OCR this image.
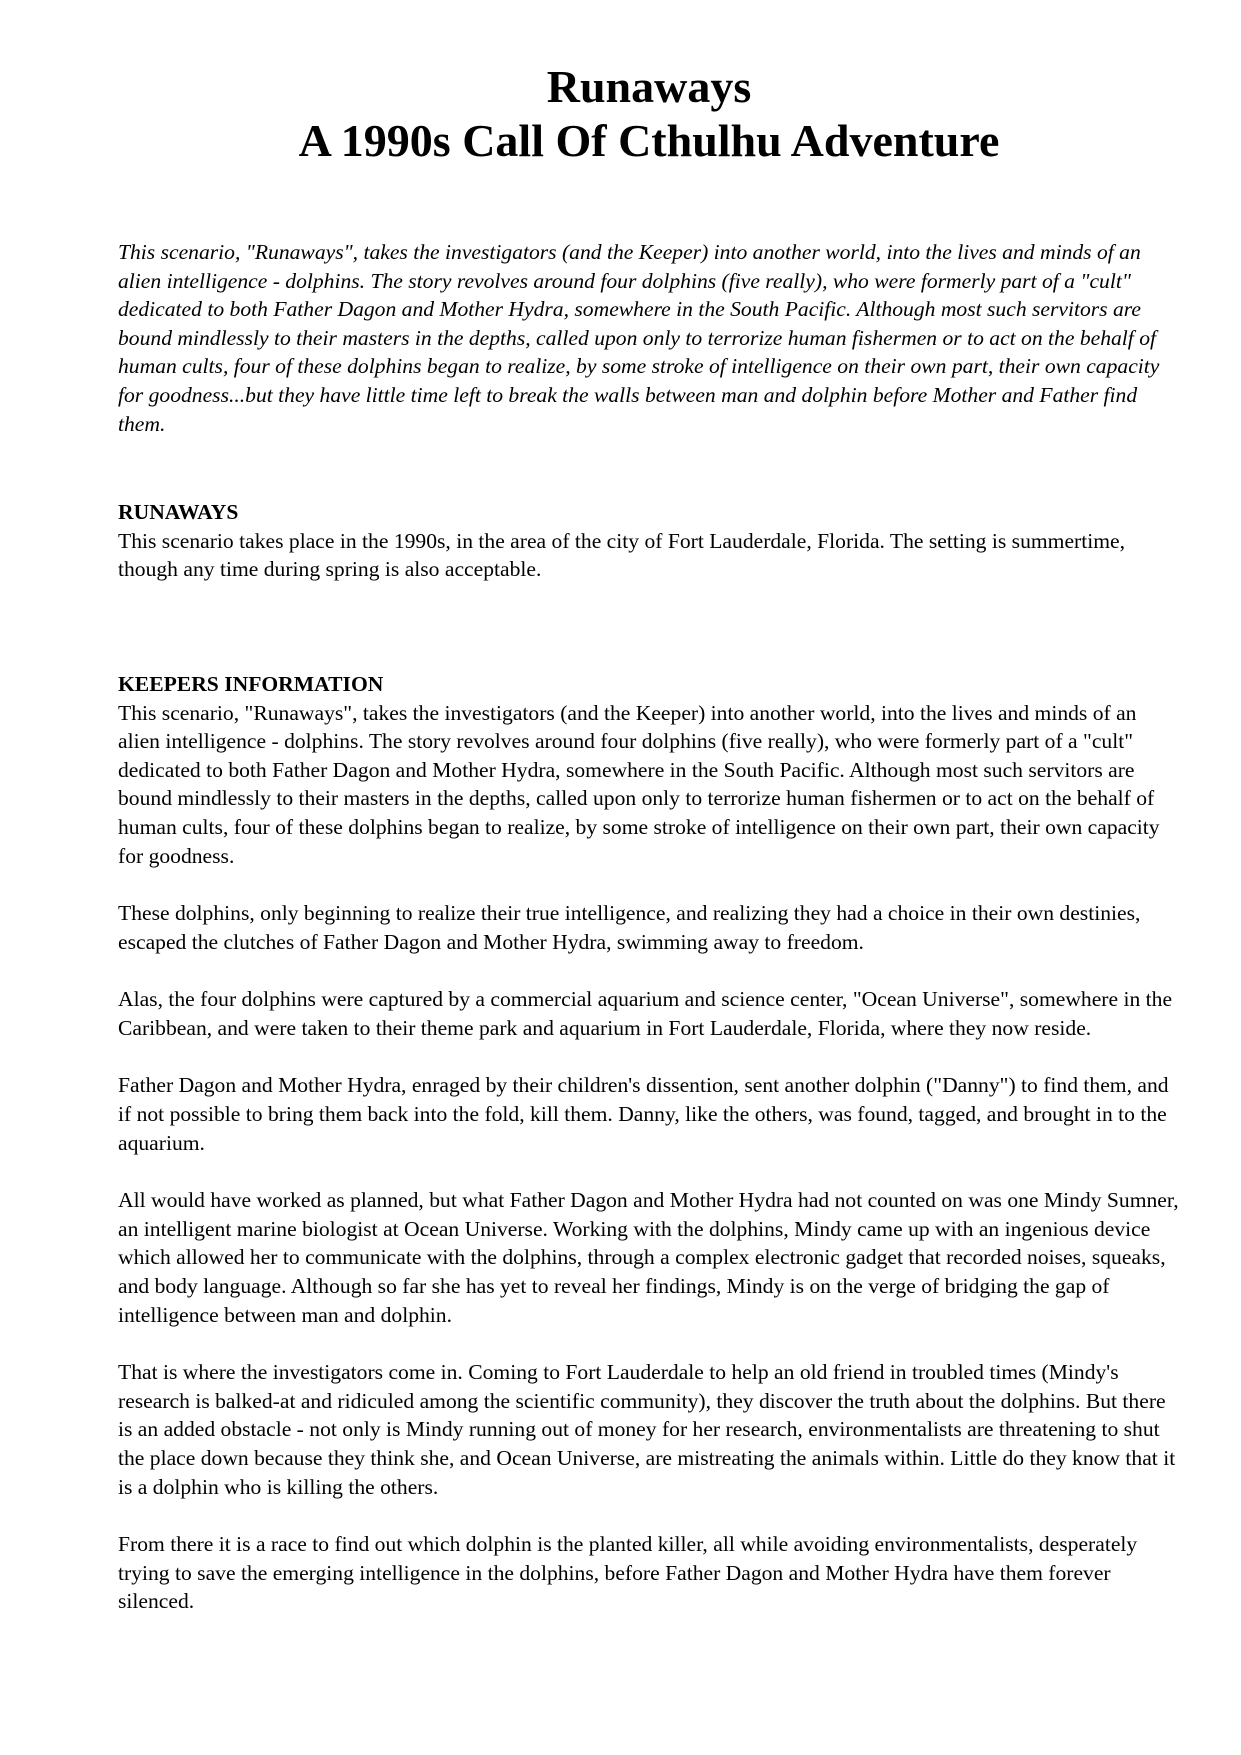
Runaways
A 1990s Call Of Cthulhu Adventure

This scenario, "Runaways", takes the investigators (and the Keeper) into another world, into the lives and minds of an alien intelligence - dolphins. The story revolves around four dolphins (five really), who were formerly part of a "cult" dedicated to both Father Dagon and Mother Hydra, somewhere in the South Pacific. Although most such servitors are bound mindlessly to their masters in the depths, called upon only to terrorize human fishermen or to act on the behalf of human cults, four of these dolphins began to realize, by some stroke of intelligence on their own part, their own capacity for goodness...but they have little time left to break the walls between man and dolphin before Mother and Father find them.

RUNAWAYS

This scenario takes place in the 1990s, in the area of the city of Fort Lauderdale, Florida. The setting is summertime, though any time during spring is also acceptable.

KEEPERS INFORMATION

This scenario, "Runaways", takes the investigators (and the Keeper) into another world, into the lives and minds of an alien intelligence - dolphins. The story revolves around four dolphins (five really), who were formerly part of a "cult" dedicated to both Father Dagon and Mother Hydra, somewhere in the South Pacific. Although most such servitors are bound mindlessly to their masters in the depths, called upon only to terrorize human fishermen or to act on the behalf of human cults, four of these dolphins began to realize, by some stroke of intelligence on their own part, their own capacity for goodness.

These dolphins, only beginning to realize their true intelligence, and realizing they had a choice in their own destinies, escaped the clutches of Father Dagon and Mother Hydra, swimming away to freedom.

Alas, the four dolphins were captured by a commercial aquarium and science center, "Ocean Universe", somewhere in the Caribbean, and were taken to their theme park and aquarium in Fort Lauderdale, Florida, where they now reside.

Father Dagon and Mother Hydra, enraged by their children's dissention, sent another dolphin ("Danny") to find them, and if not possible to bring them back into the fold, kill them. Danny, like the others, was found, tagged, and brought in to the aquarium.

All would have worked as planned, but what Father Dagon and Mother Hydra had not counted on was one Mindy Sumner, an intelligent marine biologist at Ocean Universe. Working with the dolphins, Mindy came up with an ingenious device which allowed her to communicate with the dolphins, through a complex electronic gadget that recorded noises, squeaks, and body language. Although so far she has yet to reveal her findings, Mindy is on the verge of bridging the gap of intelligence between man and dolphin.

That is where the investigators come in. Coming to Fort Lauderdale to help an old friend in troubled times (Mindy's research is balked-at and ridiculed among the scientific community), they discover the truth about the dolphins. But there is an added obstacle - not only is Mindy running out of money for her research, environmentalists are threatening to shut the place down because they think she, and Ocean Universe, are mistreating the animals within. Little do they know that it is a dolphin who is killing the others.

From there it is a race to find out which dolphin is the planted killer, all while avoiding environmentalists, desperately trying to save the emerging intelligence in the dolphins, before Father Dagon and Mother Hydra have them forever silenced.
